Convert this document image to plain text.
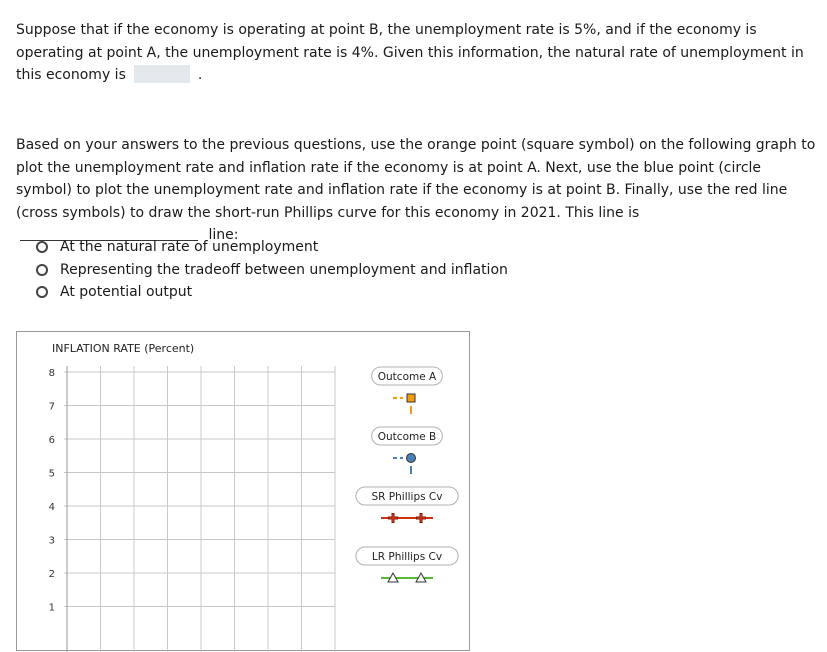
Suppose that if the economy is operating at point B, the unemployment rate is 5%, and if the economy is operating at point A, the unemployment rate is 4%. Given this information, the natural rate of unemployment in this economy is	.

Based on your answers to the previous questions, use the orange point (square symbol) on the following graph to plot the unemployment rate and inflation rate if the economy is at point A. Next, use the blue point (circle symbol) to plot the unemployment rate and inflation rate if the economy is at point B. Finally, use the red line (cross symbols) to draw the short-run Phillips curve for this economy in 2021. This line is line:

At the natural rate of unemployment
Representing the tradeoff between unemployment and inflation
At potential output
INFLATION RATE (Percent)
8
7
6
5
4
3
2
1
Outcome A
Outcome B
SR Phillips Cv
LR Phillips Cv
